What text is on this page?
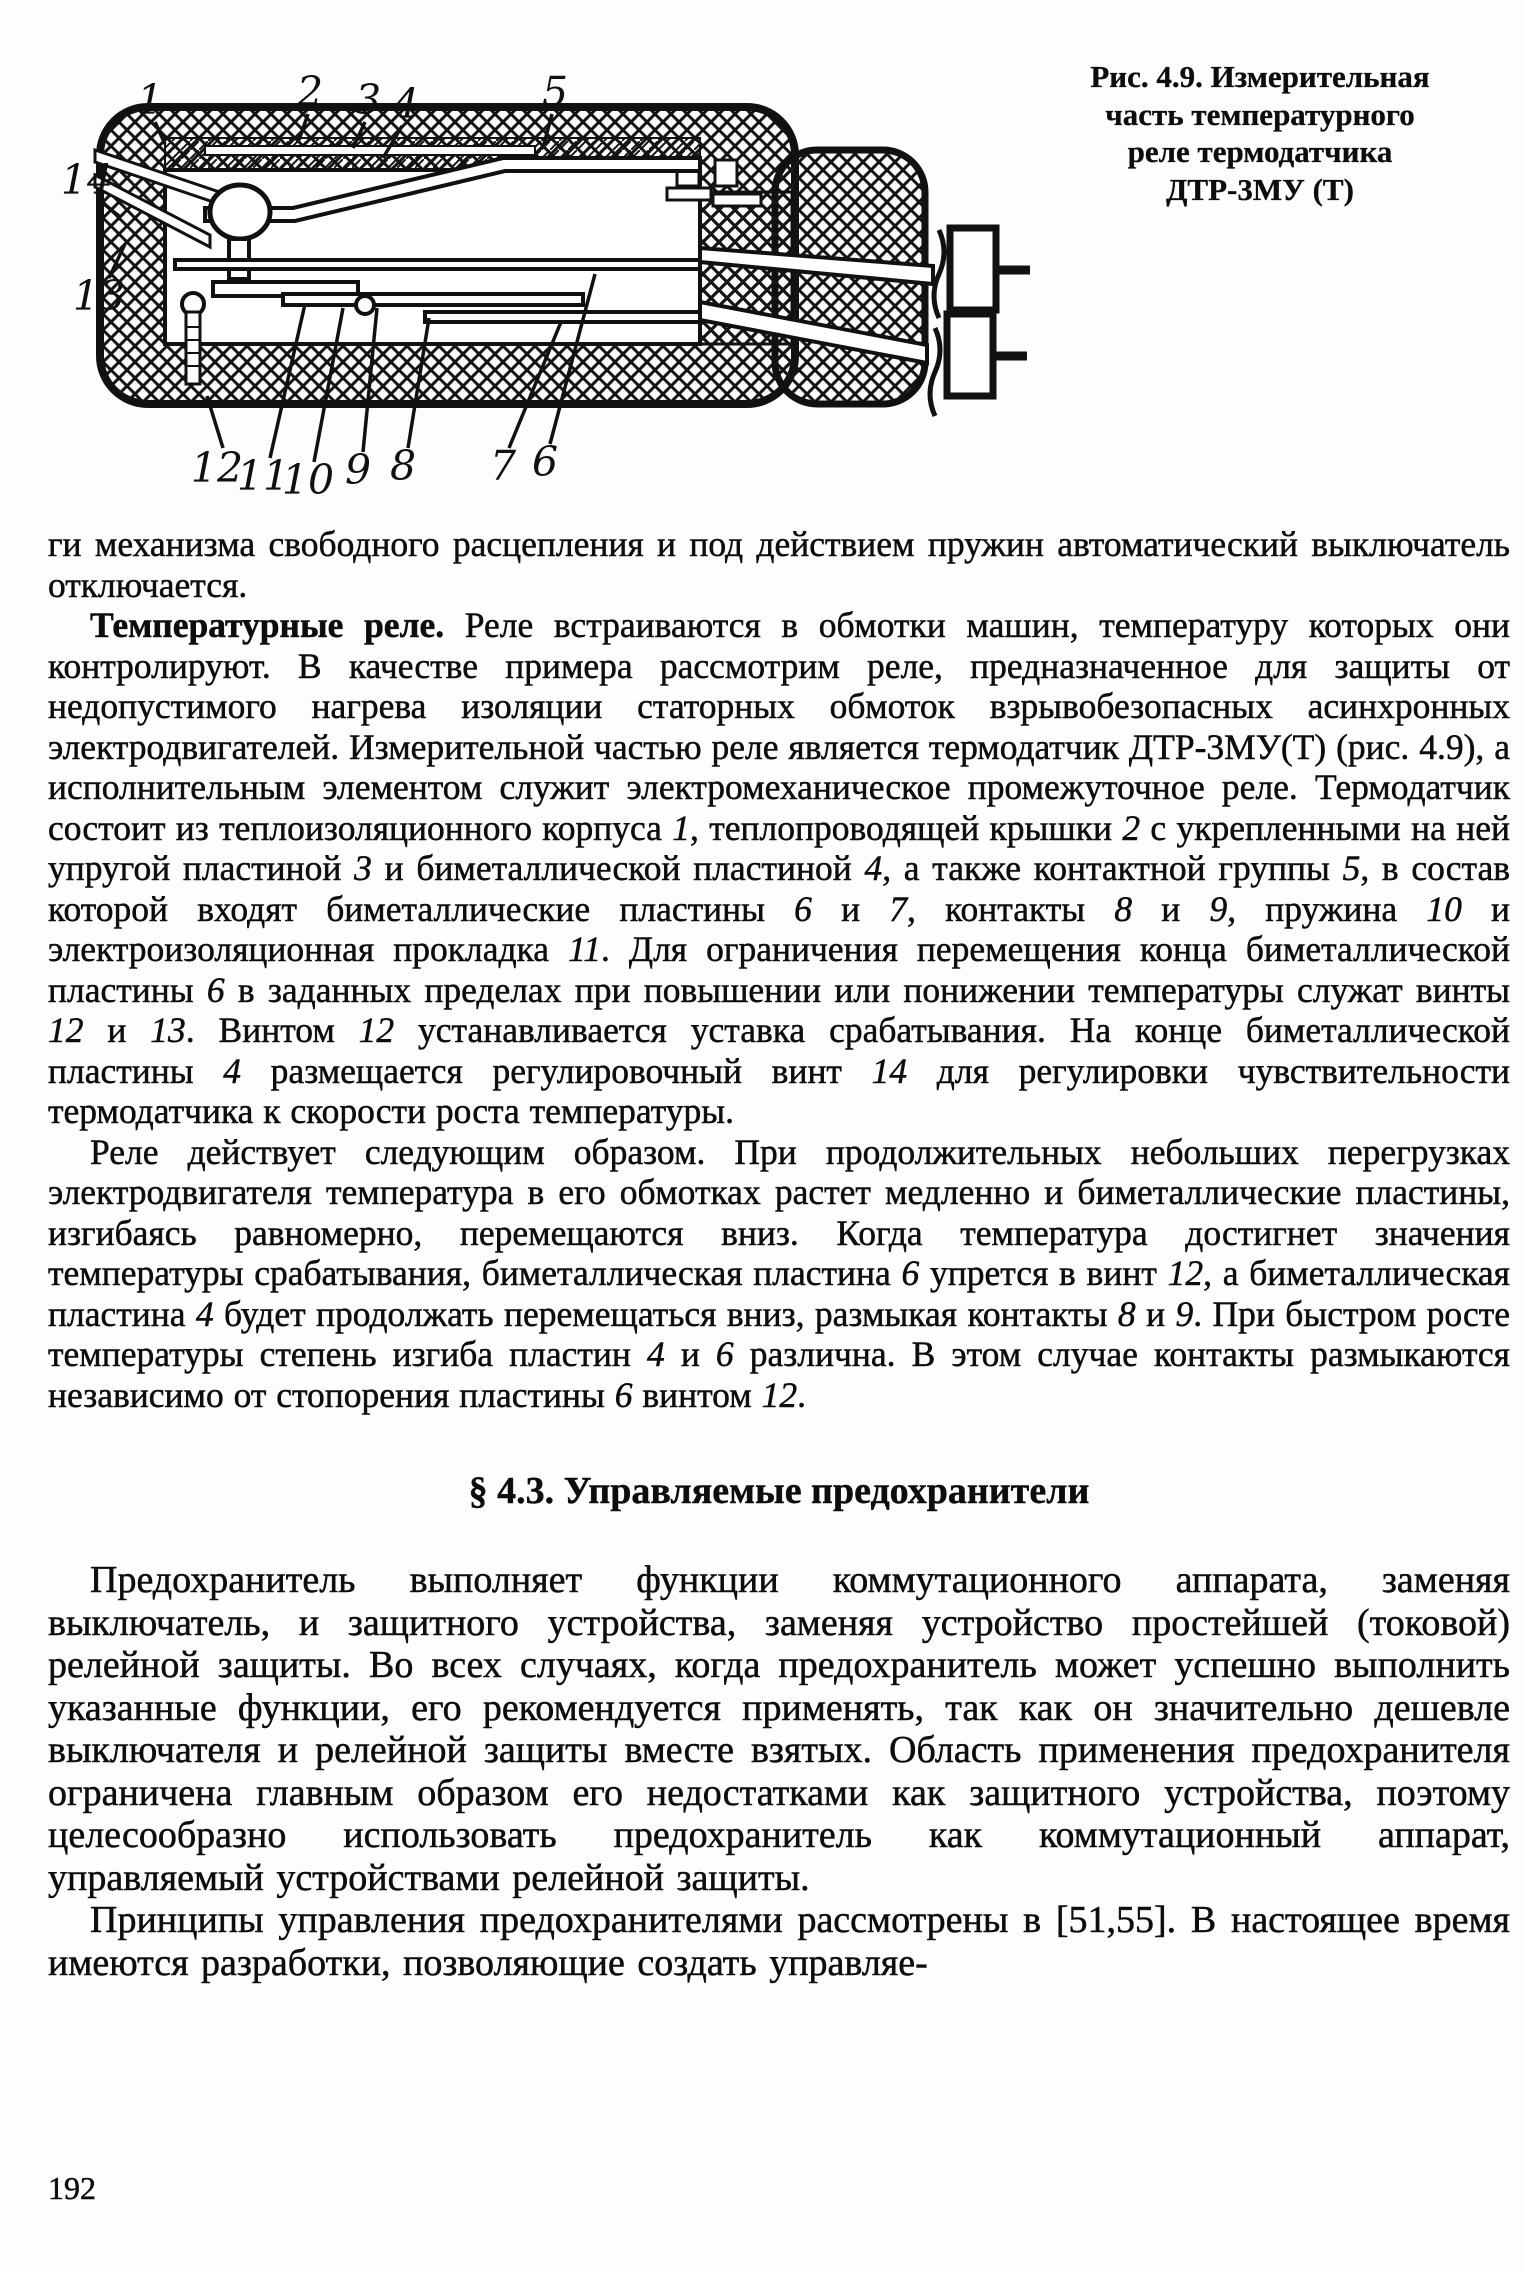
1	2 3 4	5
14
13
12
11
10 9 8 7 6
Рис. 4.9. Измерительная
часть температурного
реле термодатчика
ДТР-3МУ (Т)

ги механизма свободного расцепления и под действием пружин автоматический выключатель отключается.

Температурные реле. Реле встраиваются в обмотки машин, температуру которых они контролируют. В качестве примера рассмотрим реле, предназначенное для защиты от недопустимого нагрева изоляции статорных обмоток взрывобезопасных асинхронных электродвигателей. Измерительной частью реле является термодатчик ДТР-3МУ(Т) (рис. 4.9), а исполнительным элементом служит электромеханическое промежуточное реле. Термодатчик состоит из теплоизоляционного корпуса 1, теплопроводящей крышки 2 с укрепленными на ней упругой пластиной 3 и биметаллической пластиной 4, а также контактной группы 5, в состав которой входят биметаллические пластины 6 и 7, контакты 8 и 9, пружина 10 и электроизоляционная прокладка 11. Для ограничения перемещения конца биметаллической пластины 6 в заданных пределах при повышении или понижении температуры служат винты 12 и 13. Винтом 12 устанавливается уставка срабатывания. На конце биметаллической пластины 4 размещается регулировочный винт 14 для регулировки чувствительности термодатчика к скорости роста температуры.

Реле действует следующим образом. При продолжительных небольших перегрузках электродвигателя температура в его обмотках растет медленно и биметаллические пластины, изгибаясь равномерно, перемещаются вниз. Когда температура достигнет значения температуры срабатывания, биметаллическая пластина 6 упрется в винт 12, а биметаллическая пластина 4 будет продолжать перемещаться вниз, размыкая контакты 8 и 9. При быстром росте температуры степень изгиба пластин 4 и 6 различна. В этом случае контакты размыкаются независимо от стопорения пластины 6 винтом 12.

§ 4.3. Управляемые предохранители

Предохранитель выполняет функции коммутационного аппарата, заменяя выключатель, и защитного устройства, заменяя устройство простейшей (токовой) релейной защиты. Во всех случаях, когда предохранитель может успешно выполнить указанные функции, его рекомендуется применять, так как он значительно дешевле выключателя и релейной защиты вместе взятых. Область применения предохранителя ограничена главным образом его недостатками как защитного устройства, поэтому целесообразно использовать предохранитель как коммутационный аппарат, управляемый устройствами релейной защиты.

Принципы управления предохранителями рассмотрены в [51,55]. В настоящее время имеются разработки, позволяющие создать управляе-

192
